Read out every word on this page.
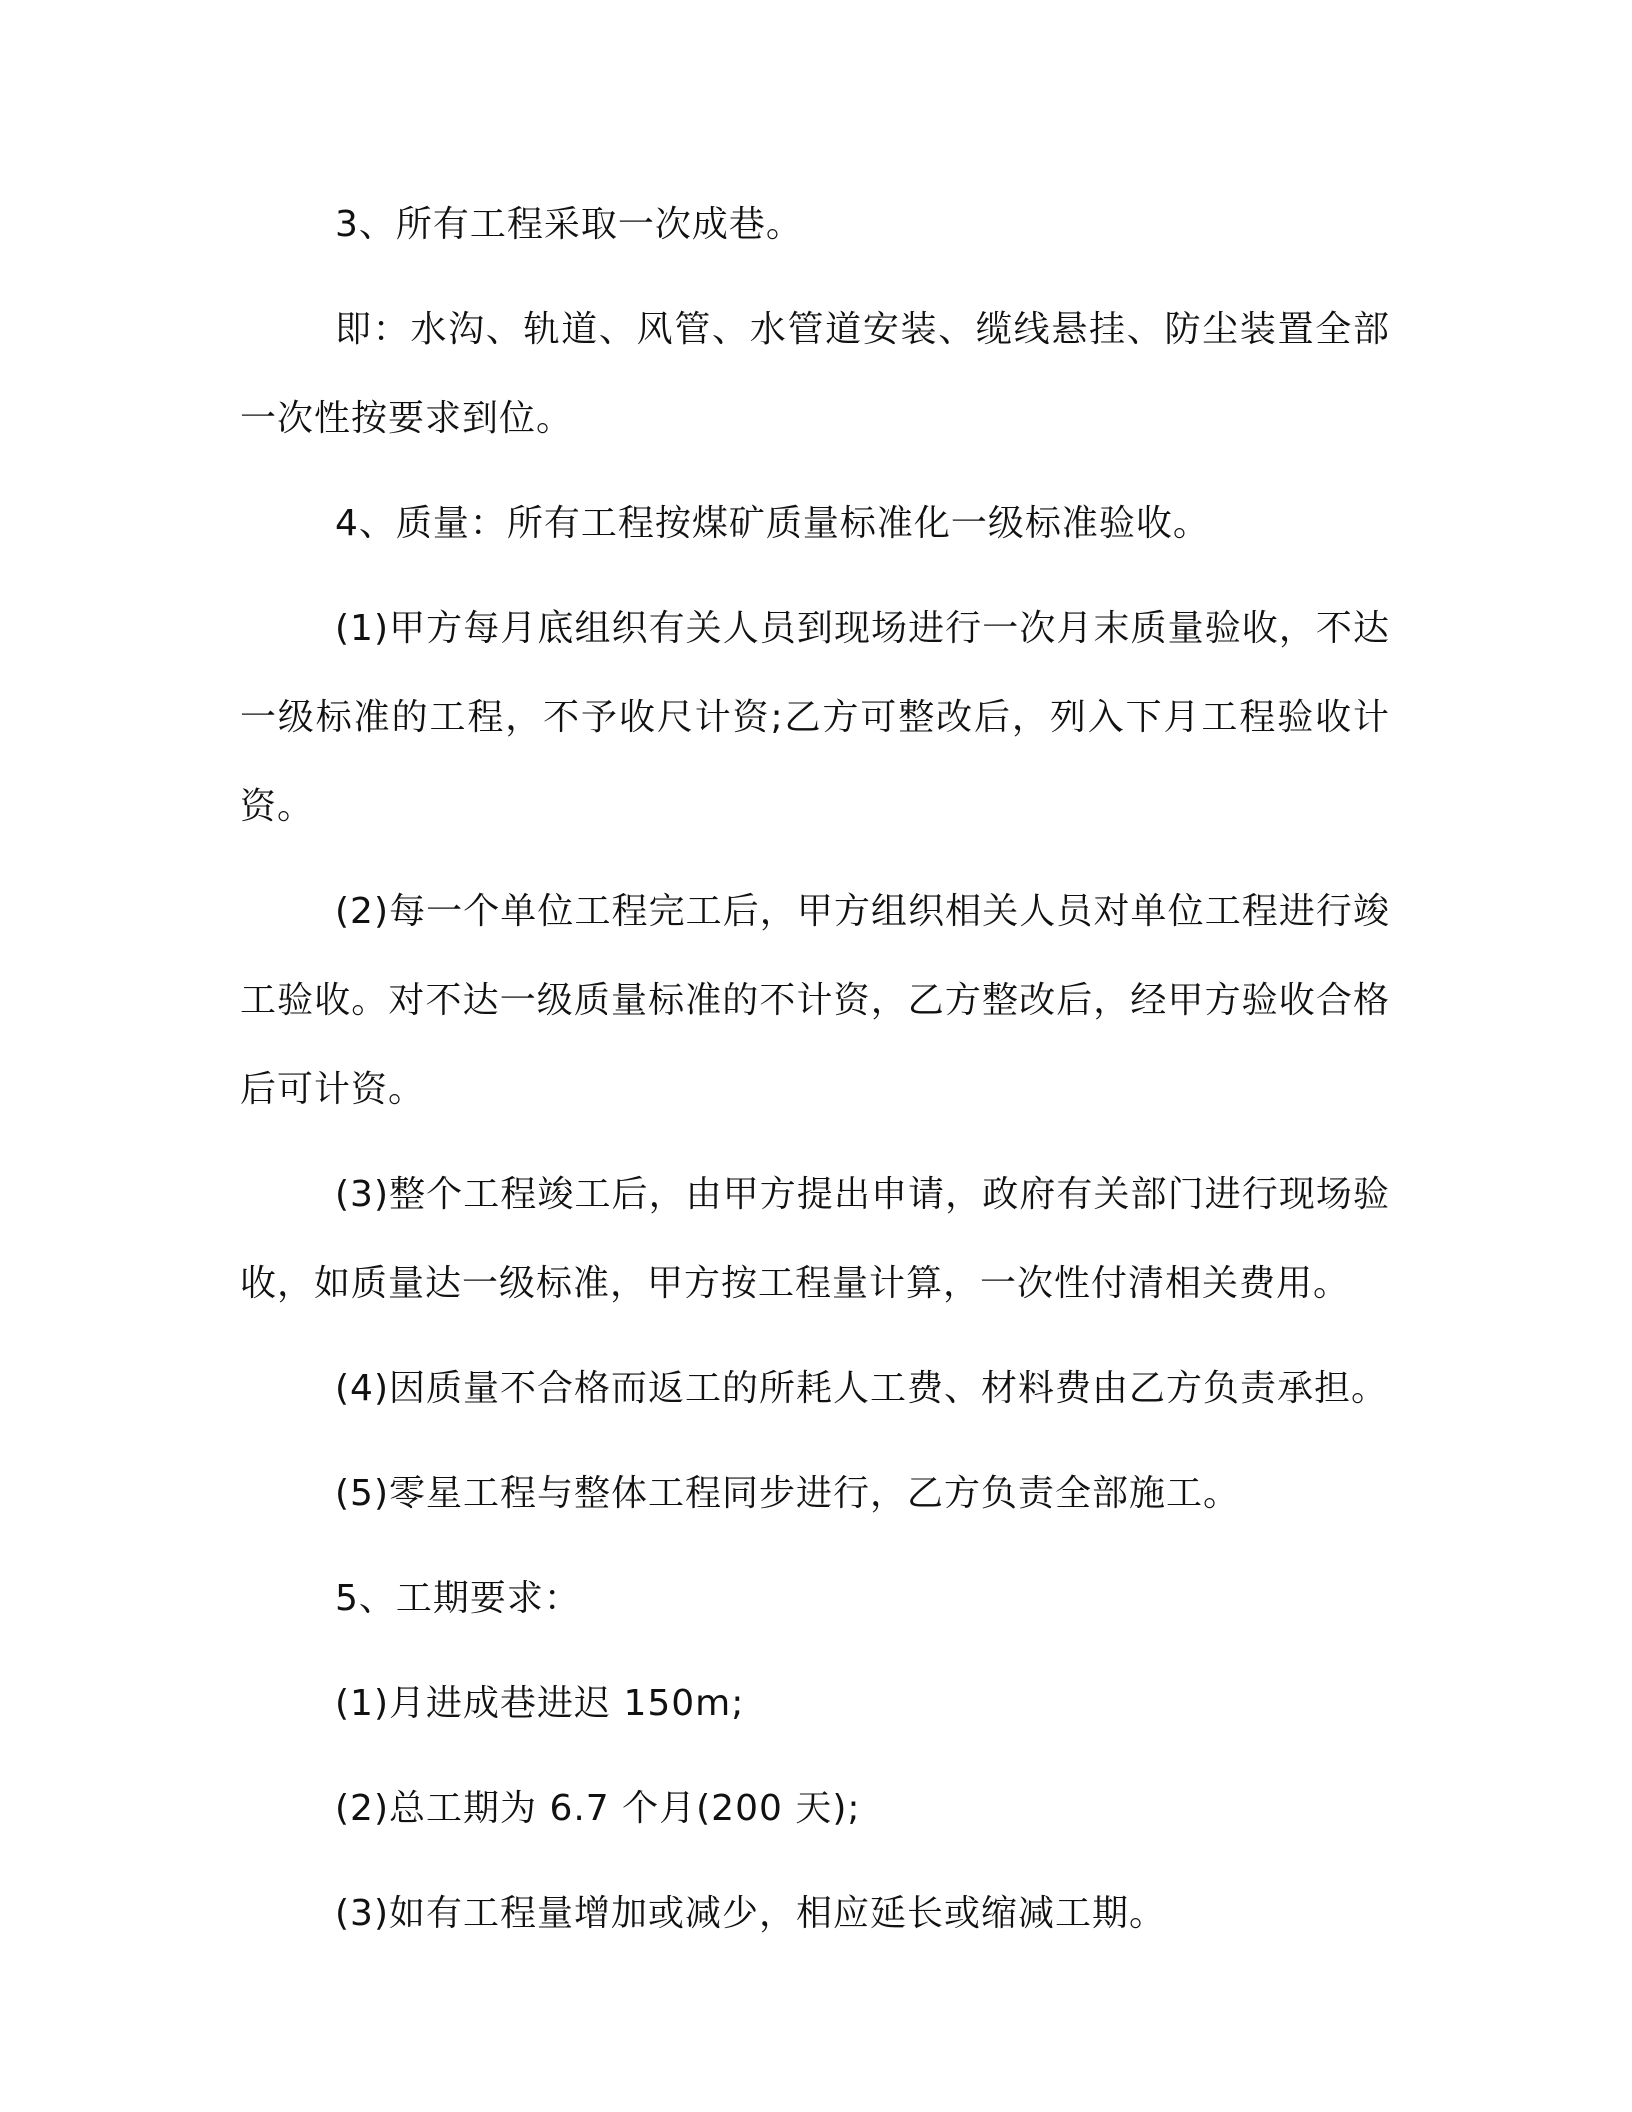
3、所有工程采取一次成巷。

即：水沟、轨道、风管、水管道安装、缆线悬挂、防尘装置全部一次性按要求到位。

4、质量：所有工程按煤矿质量标准化一级标准验收。

(1)甲方每月底组织有关人员到现场进行一次月末质量验收，不达一级标准的工程，不予收尺计资;乙方可整改后，列入下月工程验收计资。

(2)每一个单位工程完工后，甲方组织相关人员对单位工程进行竣工验收。对不达一级质量标准的不计资，乙方整改后，经甲方验收合格后可计资。

(3)整个工程竣工后，由甲方提出申请，政府有关部门进行现场验收，如质量达一级标准，甲方按工程量计算，一次性付清相关费用。

(4)因质量不合格而返工的所耗人工费、材料费由乙方负责承担。

(5)零星工程与整体工程同步进行，乙方负责全部施工。

5、工期要求：

(1)月进成巷进迟 150m;

(2)总工期为 6.7 个月(200 天);

(3)如有工程量增加或减少，相应延长或缩减工期。
